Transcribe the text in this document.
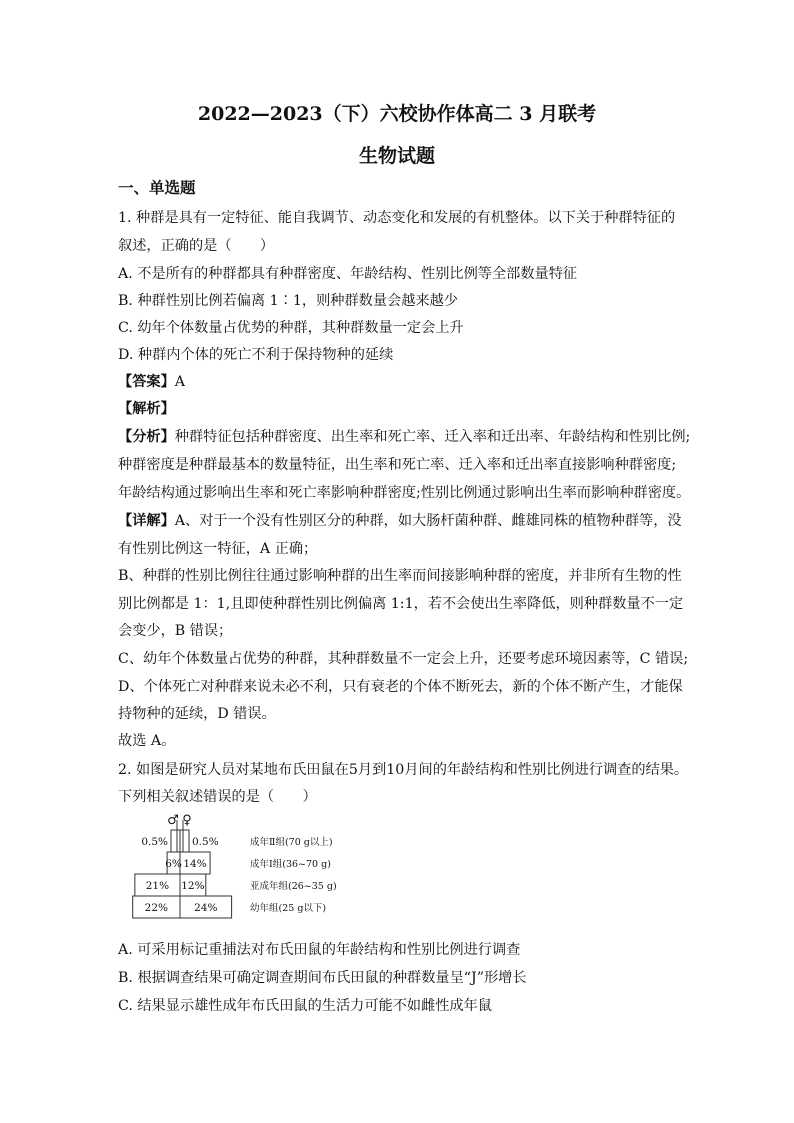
2022—2023（下）六校协作体高二 3 月联考
生物试题
一、单选题
1. 种群是具有一定特征、能自我调节、动态变化和发展的有机整体。以下关于种群特征的
叙述，正确的是（　　）
A. 不是所有的种群都具有种群密度、年龄结构、性别比例等全部数量特征
B. 种群性别比例若偏离 1∶1，则种群数量会越来越少
C. 幼年个体数量占优势的种群，其种群数量一定会上升
D. 种群内个体的死亡不利于保持物种的延续
【答案】A
【解析】
【分析】种群特征包括种群密度、出生率和死亡率、迁入率和迁出率、年龄结构和性别比例;
种群密度是种群最基本的数量特征，出生率和死亡率、迁入率和迁出率直接影响种群密度;
年龄结构通过影响出生率和死亡率影响种群密度;性别比例通过影响出生率而影响种群密度。
【详解】A、对于一个没有性别区分的种群，如大肠杆菌种群、雌雄同株的植物种群等，没
有性别比例这一特征，A 正确；
B、种群的性别比例往往通过影响种群的出生率而间接影响种群的密度，并非所有生物的性
别比例都是 1：1,且即使种群性别比例偏离 1:1，若不会使出生率降低，则种群数量不一定
会变少，B 错误；
C、幼年个体数量占优势的种群，其种群数量不一定会上升，还要考虑环境因素等，C 错误;
D、个体死亡对种群来说未必不利，只有衰老的个体不断死去，新的个体不断产生，才能保
持物种的延续，D 错误。
故选 A。
2. 如图是研究人员对某地布氏田鼠在5月到10月间的年龄结构和性别比例进行调查的结果。
下列相关叙述错误的是（　　）
♂ ♀
0.5% 0.5%	成年Ⅱ组(70 g以上)
6% 14%	成年Ⅰ组(36~70 g)
21% 12%	亚成年组(26~35 g)
22% 24%	幼年组(25 g以下)
A. 可采用标记重捕法对布氏田鼠的年龄结构和性别比例进行调查
B. 根据调查结果可确定调查期间布氏田鼠的种群数量呈“J”形增长
C. 结果显示雄性成年布氏田鼠的生活力可能不如雌性成年鼠
